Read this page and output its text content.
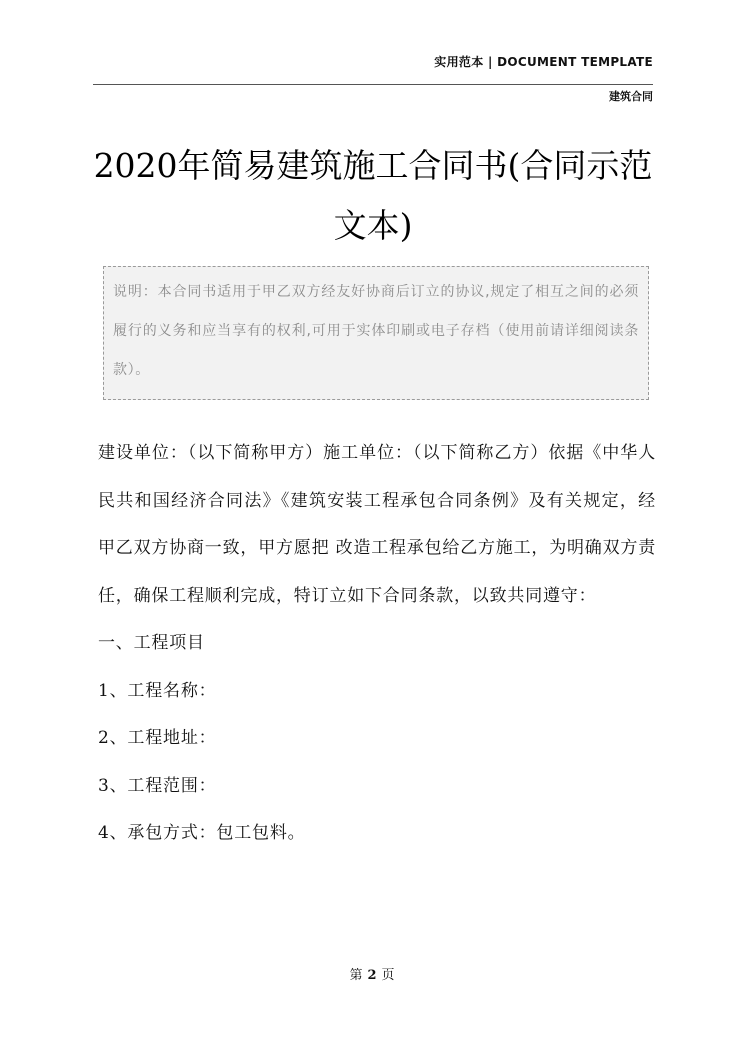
实用范本 | DOCUMENT TEMPLATE
建筑合同
2020年简易建筑施工合同书(合同示范文本)
说明：本合同书适用于甲乙双方经友好协商后订立的协议,规定了相互之间的必须履行的义务和应当享有的权利,可用于实体印刷或电子存档（使用前请详细阅读条款）。

建设单位：（以下简称甲方）施工单位：（以下简称乙方）依据《中华人民共和国经济合同法》《建筑安装工程承包合同条例》及有关规定，经甲乙双方协商一致，甲方愿把 改造工程承包给乙方施工，为明确双方责任，确保工程顺利完成，特订立如下合同条款，以致共同遵守：

一、工程项目

1、工程名称：

2、工程地址：

3、工程范围：

4、承包方式：包工包料。

第 2 页
